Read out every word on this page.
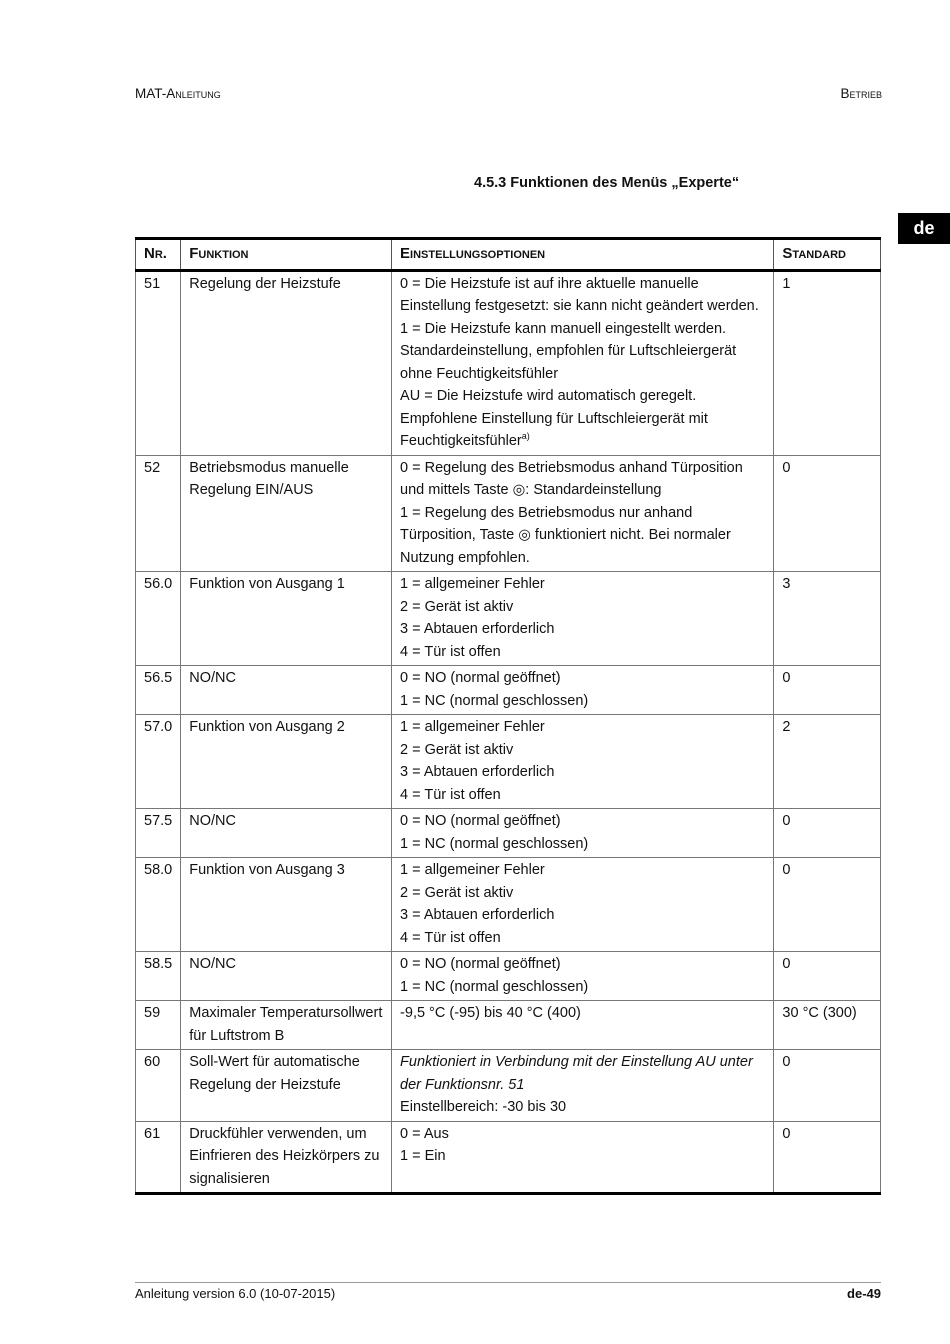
MAT-Anleitung	Betrieb
de
4.5.3 Funktionen des Menüs „Experte“
Nr.	Funktion	Einstellungsoptionen	Standard
51	Regelung der Heizstufe	0 = Die Heizstufe ist auf ihre aktuelle manuelle Einstellung festgesetzt: sie kann nicht geändert werden.
1 = Die Heizstufe kann manuell eingestellt werden. Standardeinstellung, empfohlen für Luftschleiergerät ohne Feuchtigkeitsfühler
AU = Die Heizstufe wird automatisch geregelt. Empfohlene Einstellung für Luftschleiergerät mit Feuchtigkeitsfühler$^{a)}$	1
52	Betriebsmodus manuelle Regelung EIN/AUS	0 = Regelung des Betriebsmodus anhand Türposition und mittels Taste ◎: Standardeinstellung
1 = Regelung des Betriebsmodus nur anhand Türposition, Taste ◎ funktioniert nicht. Bei normaler Nutzung empfohlen.	0
56.0	Funktion von Ausgang 1	1 = allgemeiner Fehler
2 = Gerät ist aktiv
3 = Abtauen erforderlich
4 = Tür ist offen	3
56.5	NO/NC	0 = NO (normal geöffnet)
1 = NC (normal geschlossen)	0
57.0	Funktion von Ausgang 2	1 = allgemeiner Fehler
2 = Gerät ist aktiv
3 = Abtauen erforderlich
4 = Tür ist offen	2
57.5	NO/NC	0 = NO (normal geöffnet)
1 = NC (normal geschlossen)	0
58.0	Funktion von Ausgang 3	1 = allgemeiner Fehler
2 = Gerät ist aktiv
3 = Abtauen erforderlich
4 = Tür ist offen	0
58.5	NO/NC	0 = NO (normal geöffnet)
1 = NC (normal geschlossen)	0
59	Maximaler Temperatursollwert für Luftstrom B	-9,5 °C (-95) bis 40 °C (400)	30 °C (300)
60	Soll-Wert für automatische Regelung der Heizstufe	Funktioniert in Verbindung mit der Einstellung AU unter der Funktionsnr. 51
Einstellbereich: -30 bis 30	0
61	Druckfühler verwenden, um Einfrieren des Heizkörpers zu signalisieren	0 = Aus
1 = Ein	0
Anleitung version 6.0 (10-07-2015)	de-49
